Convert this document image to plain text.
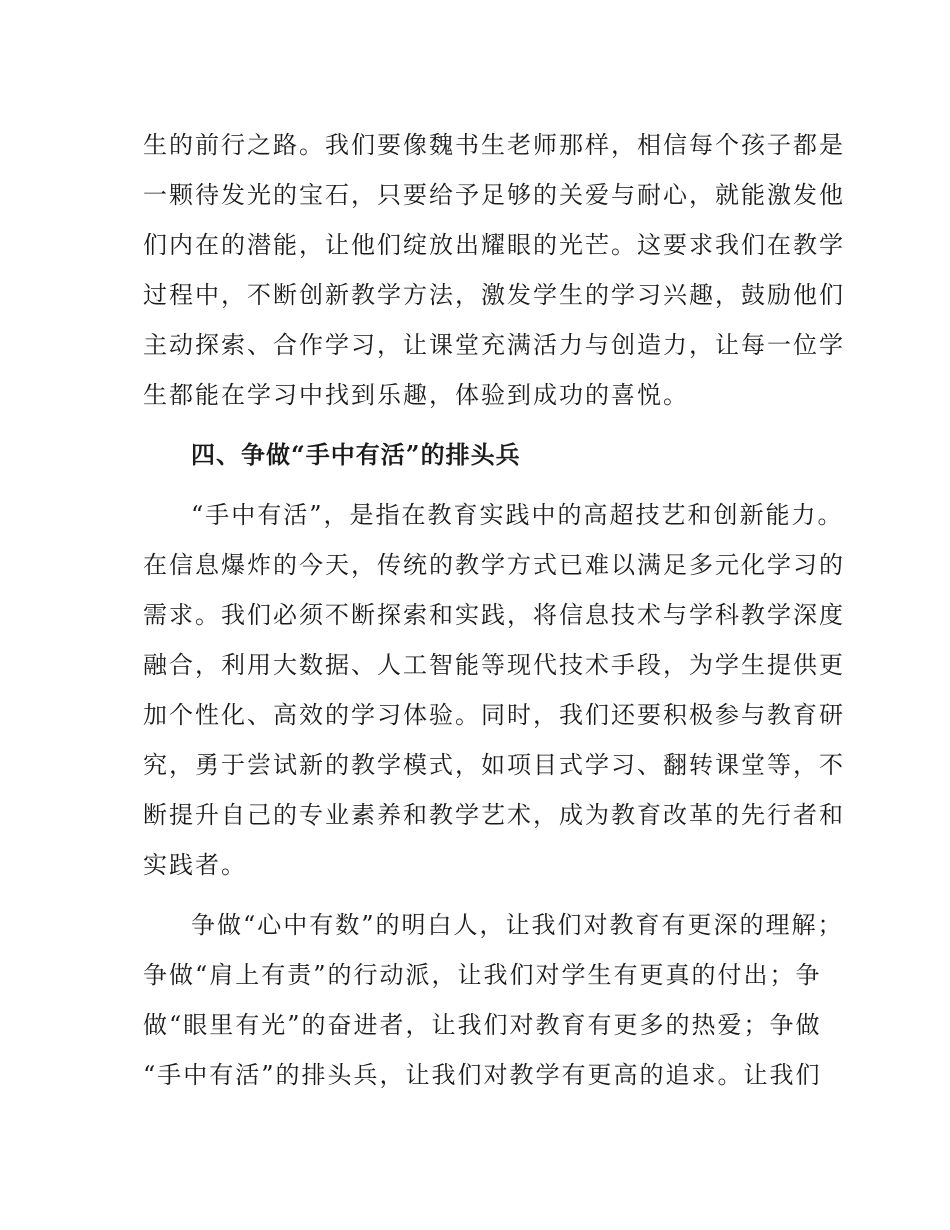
生的前行之路。我们要像魏书生老师那样，相信每个孩子都是
一颗待发光的宝石，只要给予足够的关爱与耐心，就能激发他
们内在的潜能，让他们绽放出耀眼的光芒。这要求我们在教学
过程中，不断创新教学方法，激发学生的学习兴趣，鼓励他们
主动探索、合作学习，让课堂充满活力与创造力，让每一位学
生都能在学习中找到乐趣，体验到成功的喜悦。
四、争做“手中有活”的排头兵
“手中有活”，是指在教育实践中的高超技艺和创新能力。
在信息爆炸的今天，传统的教学方式已难以满足多元化学习的
需求。我们必须不断探索和实践，将信息技术与学科教学深度
融合，利用大数据、人工智能等现代技术手段，为学生提供更
加个性化、高效的学习体验。同时，我们还要积极参与教育研
究，勇于尝试新的教学模式，如项目式学习、翻转课堂等，不
断提升自己的专业素养和教学艺术，成为教育改革的先行者和
实践者。
争做“心中有数”的明白人，让我们对教育有更深的理解；
争做“肩上有责”的行动派，让我们对学生有更真的付出；争
做“眼里有光”的奋进者，让我们对教育有更多的热爱；争做
“手中有活”的排头兵，让我们对教学有更高的追求。让我们
